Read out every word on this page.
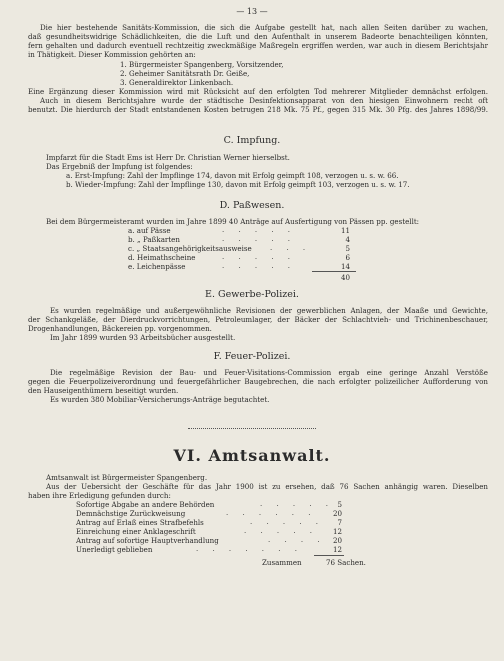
— 13 —
Die hier bestehende Sanitäts-Kommission, die sich die Aufgabe gestellt hat, nach allen Seiten darüber zu wachen,
daß gesundheitswidrige Schädlichkeiten, die die Luft und den Aufenthalt in unserem Badeorte benachteiligen könnten,
fern gehalten und dadurch eventuell rechtzeitig zweckmäßige Maßregeln ergriffen werden, war auch in diesem Berichtsjahr
in Thätigkeit. Dieser Kommission gehörten an:
1. Bürgermeister Spangenberg, Vorsitzender,
2. Geheimer Sanitätsrath Dr. Geiße,
3. Generaldirektor Linkenbach.
Eine Ergänzung dieser Kommission wird mit Rücksicht auf den erfolgten Tod mehrerer Mitglieder demnächst erfolgen.
Auch in diesem Berichtsjahre wurde der städtische Desinfektionsapparat von den hiesigen Einwohnern recht oft
benutzt. Die hierdurch der Stadt entstandenen Kosten betrugen 218 Mk. 75 Pf., gegen 315 Mk. 30 Pfg. des Jahres 1898/99.
C. Impfung.
Impfarzt für die Stadt Ems ist Herr Dr. Christian Werner hierselbst.
Das Ergebniß der Impfung ist folgendes:
a. Erst-Impfung: Zahl der Impflinge 174, davon mit Erfolg geimpft 108, verzogen u. s. w. 66.
b. Wieder-Impfung: Zahl der Impflinge 130, davon mit Erfolg geimpft 103, verzogen u. s. w. 17.
D. Paßwesen.
Bei dem Bürgermeisteramt wurden im Jahre 1899 40 Anträge auf Ausfertigung von Pässen pp. gestellt:
a. auf Pässe	. . . . .	11
b. „ Paßkarten	. . . . .	4
c. „ Staatsangehörigkeitsausweise	. . .	5
d. Heimathscheine	. . . . .	6
e. Leichenpässe	. . . . .	14
40
E. Gewerbe-Polizei.
Es wurden regelmäßige und außergewöhnliche Revisionen der gewerblichen Anlagen, der Maaße und Gewichte,
der Schankgeläße, der Dierdruckvorrichtungen, Petroleumlager, der Bäcker der Schlachtvieh- und Trichinenbeschauer,
Drogenhandlungen, Bäckereien pp. vorgenommen.
Im Jahr 1899 wurden 93 Arbeitsbücher ausgestellt.
F. Feuer-Polizei.
Die regelmäßige Revision der Bau- und Feuer-Visitations-Commission ergab eine geringe Anzahl Verstöße
gegen die Feuerpolizeiverordnung und feuergefährlicher Baugebrechen, die nach erfolgter polizeilicher Aufforderung von
den Hauseigenthümern beseitigt wurden.
Es wurden 380 Mobiliar-Versicherungs-Anträge begutachtet.
VI. Amtsanwalt.
Amtsanwalt ist Bürgermeister Spangenberg.
Aus der Uebersicht der Geschäfte für das Jahr 1900 ist zu ersehen, daß 76 Sachen anhängig waren. Dieselben
haben ihre Erledigung gefunden durch:
Sofortige Abgabe an andere Behörden	. . . . . 5
Demnächstige Zurückweisung	. . . . . .	20
Antrag auf Erlaß eines Strafbefehls	. . . . .	7
Einreichung einer Anklageschrift	. . . . .	12
Antrag auf sofortige Hauptverhandlung	. . . .	20
Unerledigt geblieben	. . . . . . .	12
Zusammen	76 Sachen.
